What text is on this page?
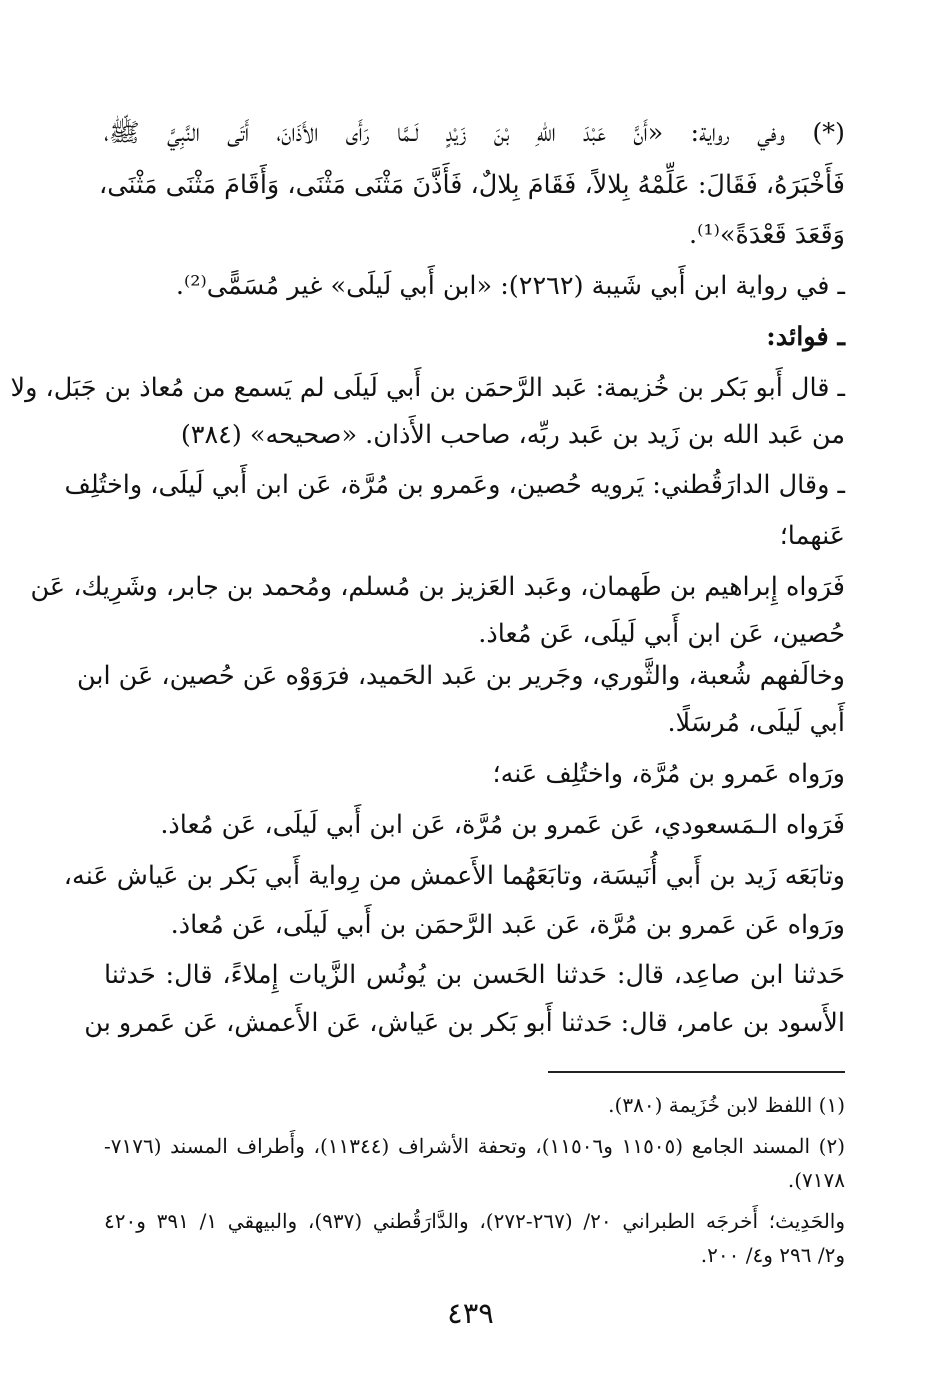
(*) وفي رواية: «أَنَّ عَبْدَ اللهِ بْنَ زَيْدٍ لَـمَّا رَأَى الأَذَانَ، أَتَى النَّبِيَّ ﷺ،

فَأَخْبَرَهُ، فَقَالَ: عَلِّمْهُ بِلالاً، فَقَامَ بِلالٌ، فَأَذَّنَ مَثْنَى مَثْنَى، وَأَقَامَ مَثْنَى مَثْنَى،

وَقَعَدَ قَعْدَةً»⁽¹⁾.

ـ في رواية ابن أَبي شَيبة (٢٢٦٢): «ابن أَبي لَيلَى» غير مُسَمًّى⁽²⁾.

ـ فوائد:

ـ قال أَبو بَكر بن خُزيمة: عَبد الرَّحمَن بن أَبي لَيلَى لم يَسمع من مُعاذ بن جَبَل، ولا

من عَبد الله بن زَيد بن عَبد ربِّه، صاحب الأَذان. «صحيحه» (٣٨٤)

ـ وقال الدارَقُطني: يَرويه حُصين، وعَمرو بن مُرَّة، عَن ابن أَبي لَيلَى، واختُلِف

عَنهما؛

فَرَواه إِبراهيم بن طَهمان، وعَبد العَزيز بن مُسلم، ومُحمد بن جابر، وشَرِيك، عَن

حُصين، عَن ابن أَبي لَيلَى، عَن مُعاذ.

وخالَفهم شُعبة، والثَّوري، وجَرير بن عَبد الحَميد، فرَوَوْه عَن حُصين، عَن ابن

أَبي لَيلَى، مُرسَلًا.

ورَواه عَمرو بن مُرَّة، واختُلِف عَنه؛

فَرَواه الـمَسعودي، عَن عَمرو بن مُرَّة، عَن ابن أَبي لَيلَى، عَن مُعاذ.

وتابَعَه زَيد بن أَبي أُنَيسَة، وتابَعَهُما الأَعمش من رِواية أَبي بَكر بن عَياش عَنه،

ورَواه عَن عَمرو بن مُرَّة، عَن عَبد الرَّحمَن بن أَبي لَيلَى، عَن مُعاذ.

حَدثنا ابن صاعِد، قال: حَدثنا الحَسن بن يُونُس الزَّيات إِملاءً، قال: حَدثنا

الأَسود بن عامر، قال: حَدثنا أَبو بَكر بن عَياش، عَن الأَعمش، عَن عَمرو بن

(١) اللفظ لابن خُزَيمة (٣٨٠).

(٢) المسند الجامع (١١٥٠٥ و١١٥٠٦)، وتحفة الأشراف (١١٣٤٤)، وأَطراف المسند (٧١٧٦-

٧١٧٨).

والحَدِيث؛ أَخرجَه الطبراني ٢٠/ (٢٦٧-٢٧٢)، والدَّارَقُطني (٩٣٧)، والبيهقي ١/ ٣٩١ و٤٢٠

و٢/ ٢٩٦ و٤/ ٢٠٠.

٤٣٩
